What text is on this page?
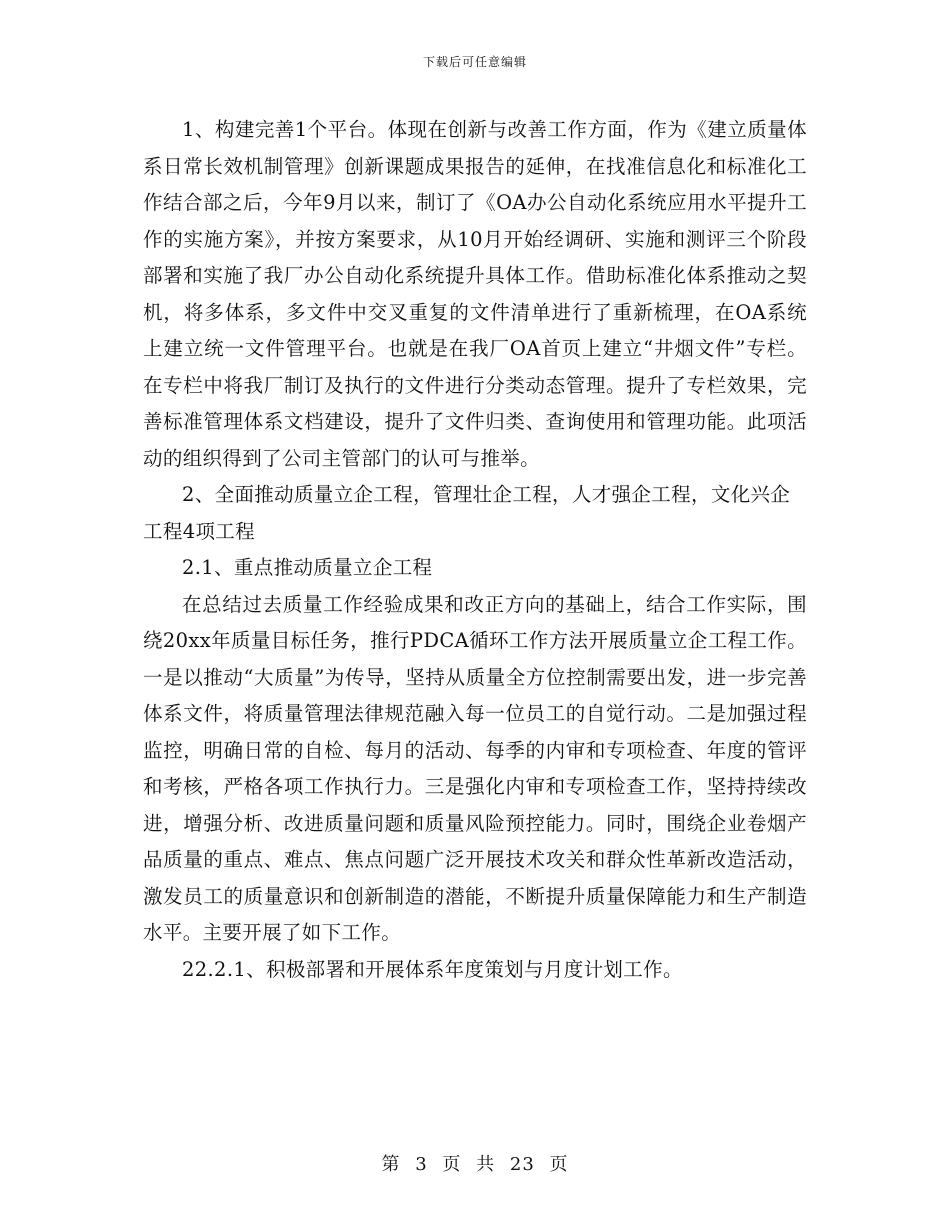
下载后可任意编辑

1、构建完善1个平台。体现在创新与改善工作方面，作为《建立质量体系日常长效机制管理》创新课题成果报告的延伸，在找准信息化和标准化工作结合部之后，今年9月以来，制订了《OA办公自动化系统应用水平提升工作的实施方案》，并按方案要求，从10月开始经调研、实施和测评三个阶段部署和实施了我厂办公自动化系统提升具体工作。借助标准化体系推动之契机，将多体系，多文件中交叉重复的文件清单进行了重新梳理，在OA系统上建立统一文件管理平台。也就是在我厂OA首页上建立“井烟文件”专栏。在专栏中将我厂制订及执行的文件进行分类动态管理。提升了专栏效果，完善标准管理体系文档建设，提升了文件归类、查询使用和管理功能。此项活动的组织得到了公司主管部门的认可与推举。

2、全面推动质量立企工程，管理壮企工程，人才强企工程，文化兴企工程4项工程

2.1、重点推动质量立企工程

在总结过去质量工作经验成果和改正方向的基础上，结合工作实际，围绕20xx年质量目标任务，推行PDCA循环工作方法开展质量立企工程工作。一是以推动“大质量”为传导，坚持从质量全方位控制需要出发，进一步完善体系文件，将质量管理法律规范融入每一位员工的自觉行动。二是加强过程监控，明确日常的自检、每月的活动、每季的内审和专项检查、年度的管评和考核，严格各项工作执行力。三是强化内审和专项检查工作，坚持持续改进，增强分析、改进质量问题和质量风险预控能力。同时，围绕企业卷烟产品质量的重点、难点、焦点问题广泛开展技术攻关和群众性革新改造活动，激发员工的质量意识和创新制造的潜能，不断提升质量保障能力和生产制造水平。主要开展了如下工作。

22.2.1、积极部署和开展体系年度策划与月度计划工作。

第 3 页 共 23 页
